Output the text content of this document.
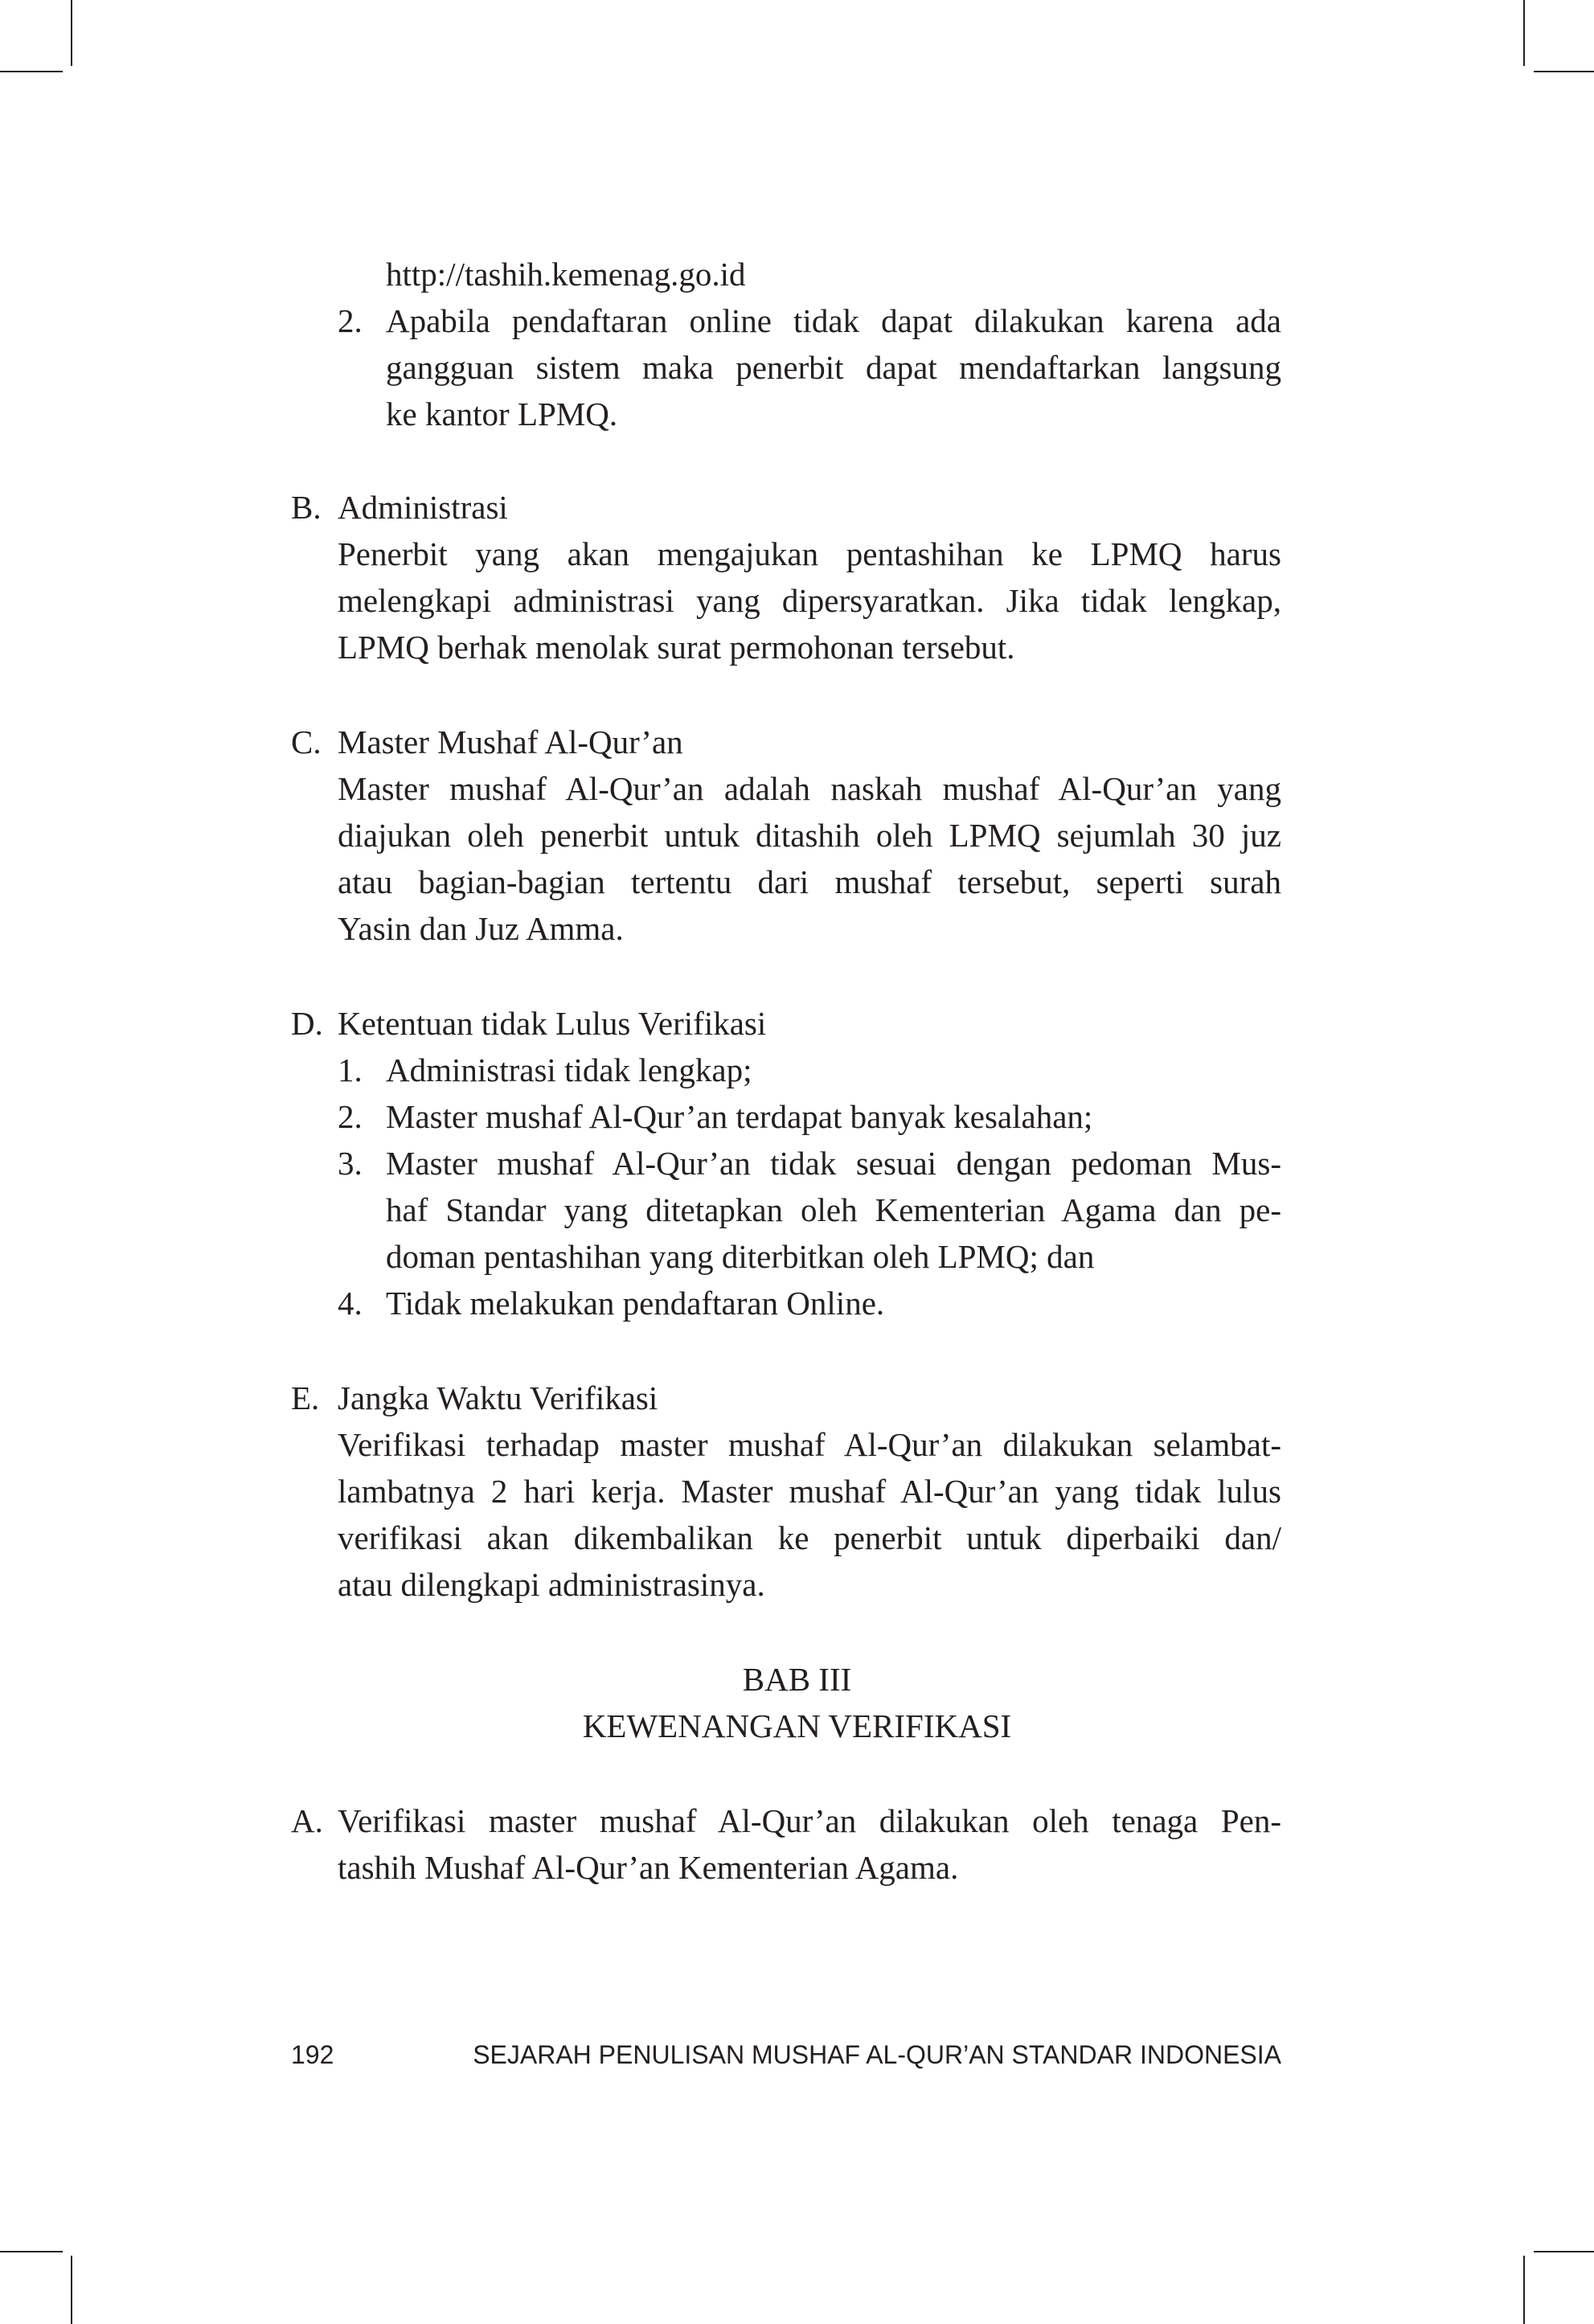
http://tashih.kemenag.go.id
2. Apabila pendaftaran online tidak dapat dilakukan karena ada
gangguan sistem maka penerbit dapat mendaftarkan langsung
ke kantor LPMQ.
B. Administrasi
Penerbit yang akan mengajukan pentashihan ke LPMQ harus
melengkapi administrasi yang dipersyaratkan. Jika tidak lengkap,
LPMQ berhak menolak surat permohonan tersebut.
C. Master Mushaf Al-Qur’an
Master mushaf Al-Qur’an adalah naskah mushaf Al-Qur’an yang
diajukan oleh penerbit untuk ditashih oleh LPMQ sejumlah 30 juz
atau bagian-bagian tertentu dari mushaf tersebut, seperti surah
Yasin dan Juz Amma.
D. Ketentuan tidak Lulus Verifikasi
1. Administrasi tidak lengkap;
2. Master mushaf Al-Qur’an terdapat banyak kesalahan;
3. Master mushaf Al-Qur’an tidak sesuai dengan pedoman Mus-
haf Standar yang ditetapkan oleh Kementerian Agama dan pe-
doman pentashihan yang diterbitkan oleh LPMQ; dan
4. Tidak melakukan pendaftaran Online.
E. Jangka Waktu Verifikasi
Verifikasi terhadap master mushaf Al-Qur’an dilakukan selambat-
lambatnya 2 hari kerja. Master mushaf Al-Qur’an yang tidak lulus
verifikasi akan dikembalikan ke penerbit untuk diperbaiki dan/
atau dilengkapi administrasinya.
BAB III
KEWENANGAN VERIFIKASI
A. Verifikasi master mushaf Al-Qur’an dilakukan oleh tenaga Pen-
tashih Mushaf Al-Qur’an Kementerian Agama.
192	SEJARAH PENULISAN MUSHAF AL-QUR’AN STANDAR INDONESIA
